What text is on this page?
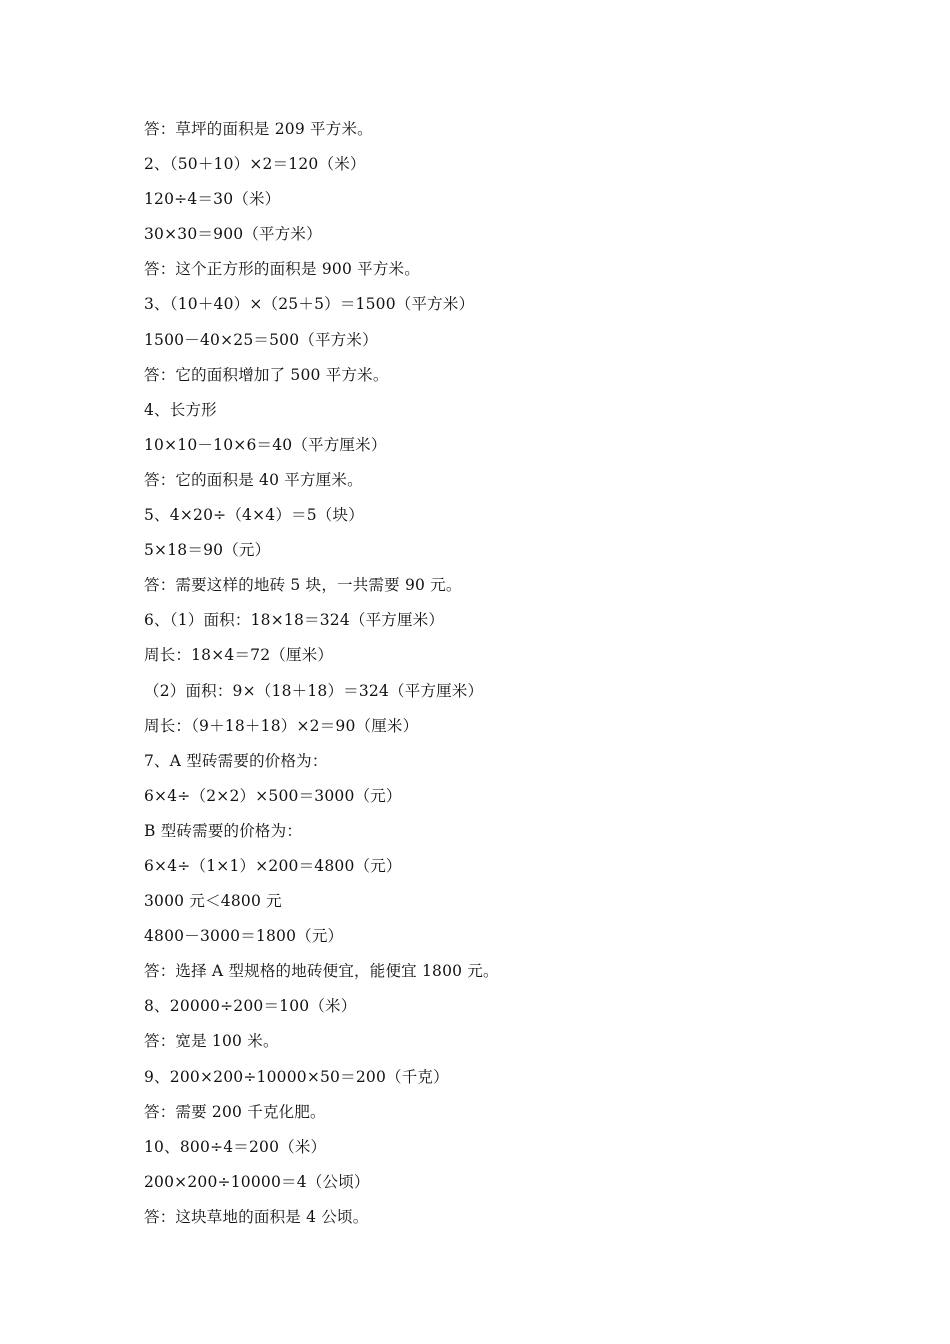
答：草坪的面积是 209 平方米。
2、（50＋10）×2＝120（米）
120÷4＝30（米）
30×30＝900（平方米）
答：这个正方形的面积是 900 平方米。
3、（10＋40）×（25＋5）＝1500（平方米）
1500－40×25＝500（平方米）
答：它的面积增加了 500 平方米。
4、长方形
10×10－10×6＝40（平方厘米）
答：它的面积是 40 平方厘米。
5、4×20÷（4×4）＝5（块）
5×18＝90（元）
答：需要这样的地砖 5 块，一共需要 90 元。
6、（1）面积：18×18＝324（平方厘米）
周长：18×4＝72（厘米）
（2）面积：9×（18＋18）＝324（平方厘米）
周长：（9＋18＋18）×2＝90（厘米）
7、A 型砖需要的价格为：
6×4÷（2×2）×500＝3000（元）
B 型砖需要的价格为：
6×4÷（1×1）×200＝4800（元）
3000 元＜4800 元
4800－3000＝1800（元）
答：选择 A 型规格的地砖便宜，能便宜 1800 元。
8、20000÷200＝100（米）
答：宽是 100 米。
9、200×200÷10000×50＝200（千克）
答：需要 200 千克化肥。
10、800÷4＝200（米）
200×200÷10000＝4（公顷）
答：这块草地的面积是 4 公顷。
